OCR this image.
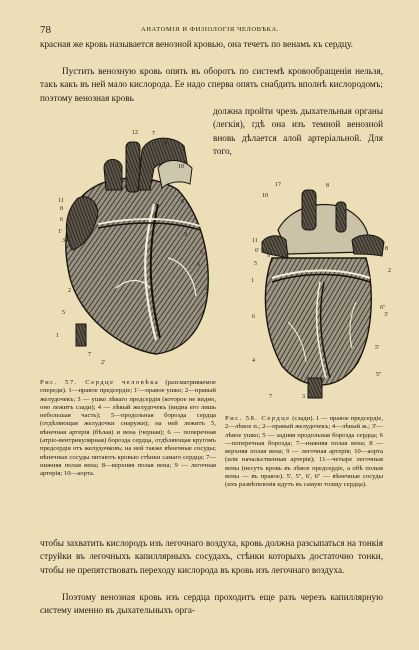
78	АНАТОМІЯ И ФИЗІОЛОГІЯ ЧЕЛОВѢКА.

красная же кровь называется венозной кровью, она течетъ по венамъ къ сердцу.

Пустить венозную кровь опять въ оборотъ по системѣ кровообращенія нельзя, такъ какъ въ ней мало кислорода. Ее надо сперва опять снабдить вполнѣ кислородомъ; поэтому венозная кровь

должна пройти чрезъ дыхательныя органы (легкія), гдѣ она изъ темной венозной вновь дѣлается алой артеріальной. Для того,

12 7
9
10
11
8
6
1'
3
6
3
5
6
2	4
5
1
7
2'
17	8
10
8
5
11
9
6'
1
2
6''
3'
6
5'
4
5''
7	3

Рис. 57. Сердце человѣка (разсматриваемое спереди). 1—правое предсердіе; 1'—правое ушко; 2—правый желудочекъ; 3 — ушко лѣваго предсердія (которое не видно, оно лежитъ сзади); 4 — лѣвый желудочекъ (видна его лишь небольшая часть); 5—продольная борозда сердца (отдѣляющая желудочки снаружи); на ней лежитъ 5, вѣнечная артерія (бѣлая) и вена (черная); 6 — поперечная (атріо-вентрикулярная) борозда сердца, отдѣляющая кругомъ предсердія отъ желудочковъ; на ней также вѣнечные сосуды; вѣнечные сосуды питаютъ кровью стѣнки самаго сердца; 7—нижняя полая вена; 8—верхняя полая вена; 9 — легочная артерія; 10—аорта.

Рис. 58. Сердце (сзади). 1 — правое предсердіе, 2—лѣвое п.; 2—правый желудочекъ; 4—лѣвый ж.; 3'—лѣвое ушко; 5 — задняя продольная борозда сердца; 6—поперечная борозда; 7—нижняя полая вена; 8 — верхняя полая вена; 9 — легочная артерія; 10—аорта (или начальственная артерія); 11—четыре легочныя вены (несутъ кровь въ лѣвое предсердіе, а обѣ полыя вены — въ правое). 5', 5'', 6', 6'' — вѣнечные сосуды (ихъ развѣтвленія идутъ въ самую толщу сердца).

чтобы захватить кислородъ изъ легочнаго воздуха, кровь должна разсыпаться на тонкія струйки въ легочныхъ капиллярныхъ сосудахъ, стѣнки которыхъ достаточно тонки, чтобы не препятствовать переходу кислорода въ кровь изъ легочнаго воздуха.

Поэтому венозная кровь изъ сердца проходитъ еще разъ черезъ капиллярную систему именно въ дыхательныхъ орга-
